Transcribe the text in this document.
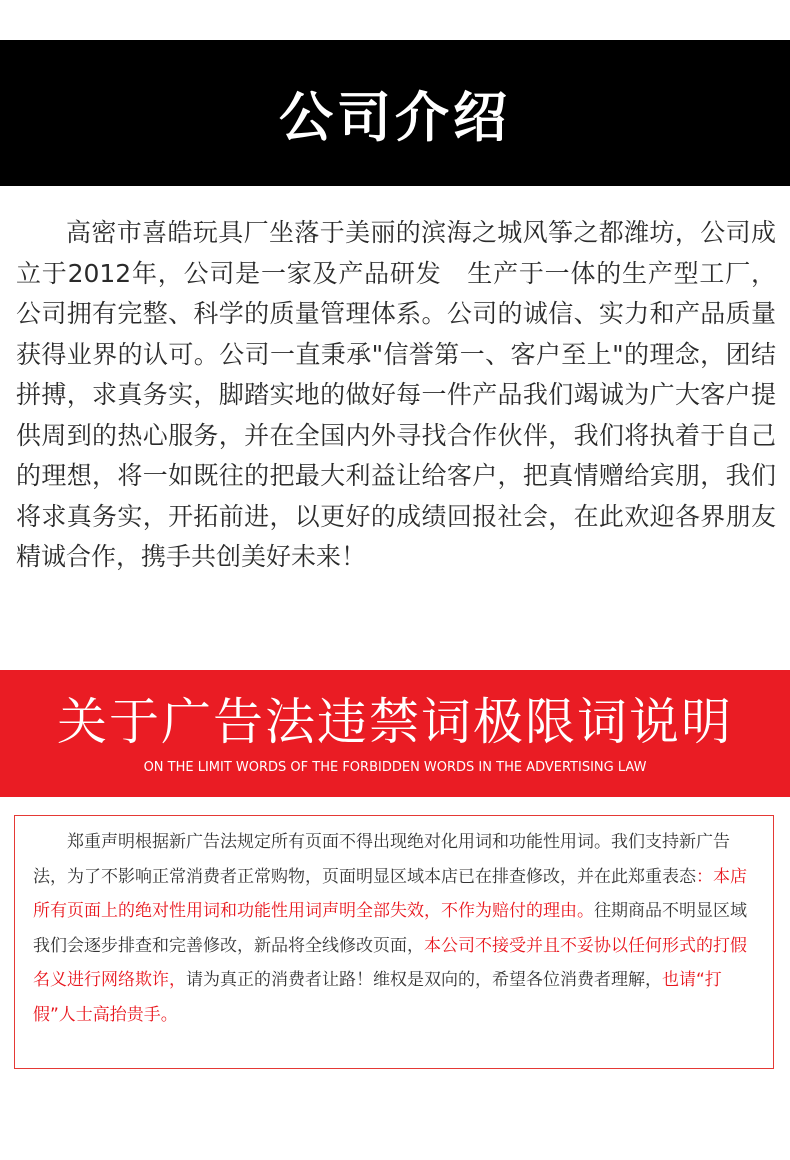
公司介绍

高密市喜皓玩具厂坐落于美丽的滨海之城风筝之都潍坊，公司成立于2012年，公司是一家及产品研发　生产于一体的生产型工厂，公司拥有完整、科学的质量管理体系。公司的诚信、实力和产品质量获得业界的认可。公司一直秉承"信誉第一、客户至上"的理念，团结拼搏，求真务实，脚踏实地的做好每一件产品我们竭诚为广大客户提供周到的热心服务，并在全国内外寻找合作伙伴，我们将执着于自己的理想，将一如既往的把最大利益让给客户，把真情赠给宾朋，我们将求真务实，开拓前进，以更好的成绩回报社会，在此欢迎各界朋友精诚合作，携手共创美好未来！

关于广告法违禁词极限词说明
ON THE LIMIT WORDS OF THE FORBIDDEN WORDS IN THE ADVERTISING LAW

郑重声明根据新广告法规定所有页面不得出现绝对化用词和功能性用词。我们支持新广告法，为了不影响正常消费者正常购物，页面明显区域本店已在排查修改，并在此郑重表态：本店所有页面上的绝对性用词和功能性用词声明全部失效，不作为赔付的理由。往期商品不明显区域我们会逐步排查和完善修改，新品将全线修改页面，本公司不接受并且不妥协以任何形式的打假名义进行网络欺诈，请为真正的消费者让路！维权是双向的，希望各位消费者理解，也请“打假”人士高抬贵手。
